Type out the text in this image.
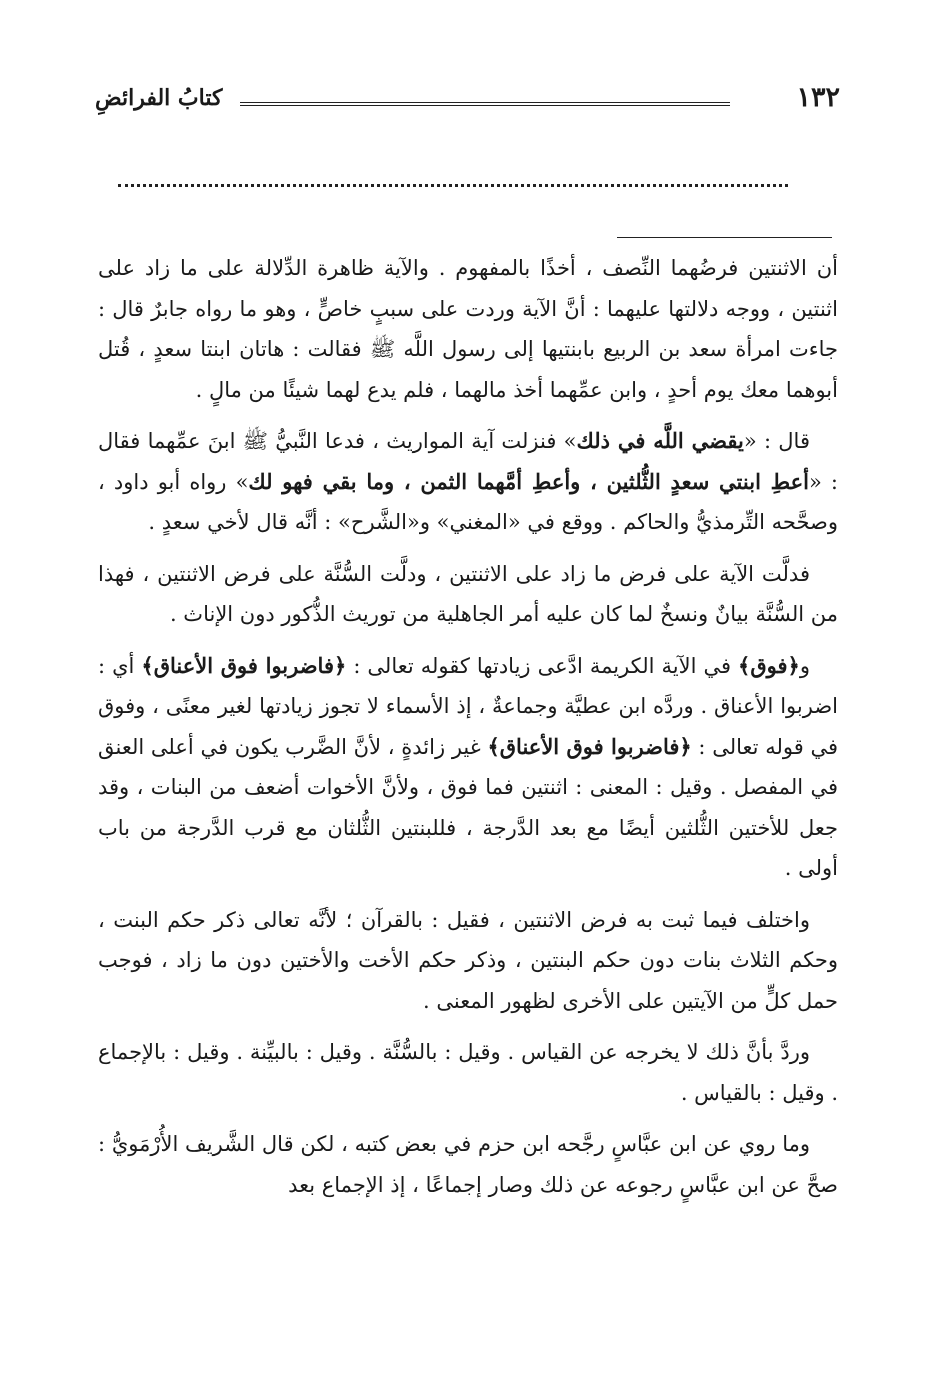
١٣٢
كتابُ الفرائضِ

أن الاثنتين فرضُهما النِّصف ، أخذًا بالمفهوم . والآية ظاهرة الدِّلالة على ما زاد على اثنتين ، ووجه دلالتها عليهما : أنَّ الآية وردت على سببٍ خاصٍّ ، وهو ما رواه جابرٌ قال : جاءت امرأة سعد بن الربيع بابنتيها إلى رسول اللَّه ﷺ فقالت : هاتان ابنتا سعدٍ ، قُتل أبوهما معك يوم أحدٍ ، وابن عمِّهما أخذ مالهما ، فلم يدع لهما شيئًا من مالٍ .

قال : «يقضي اللَّه في ذلك» فنزلت آية المواريث ، فدعا النَّبيُّ ﷺ ابنَ عمِّهما فقال : «أعطِ ابنتي سعدٍ الثُّلثين ، وأعطِ أمَّهما الثمن ، وما بقي فهو لك» رواه أبو داود ، وصحَّحه التِّرمذيُّ والحاكم . ووقع في «المغني» و«الشَّرح» : أنَّه قال لأخي سعدٍ .

فدلَّت الآية على فرض ما زاد على الاثنتين ، ودلَّت السُّنَّة على فرض الاثنتين ، فهذا من السُّنَّة بيانٌ ونسخٌ لما كان عليه أمر الجاهلية من توريث الذُّكور دون الإناث .

و﴿فوق﴾ في الآية الكريمة ادَّعى زيادتها كقوله تعالى : ﴿فاضربوا فوق الأعناق﴾ أي : اضربوا الأعناق . وردَّه ابن عطيَّة وجماعةٌ ، إذ الأسماء لا تجوز زيادتها لغير معنًى ، وفوق في قوله تعالى : ﴿فاضربوا فوق الأعناق﴾ غير زائدةٍ ، لأنَّ الضَّرب يكون في أعلى العنق في المفصل . وقيل : المعنى : اثنتين فما فوق ، ولأنَّ الأخوات أضعف من البنات ، وقد جعل للأختين الثُّلثين أيضًا مع بعد الدَّرجة ، فللبنتين الثُّلثان مع قرب الدَّرجة من باب أولى .

واختلف فيما ثبت به فرض الاثنتين ، فقيل : بالقرآن ؛ لأنَّه تعالى ذكر حكم البنت ، وحكم الثلاث بنات دون حكم البنتين ، وذكر حكم الأخت والأختين دون ما زاد ، فوجب حمل كلٍّ من الآيتين على الأخرى لظهور المعنى .

وردَّ بأنَّ ذلك لا يخرجه عن القياس . وقيل : بالسُّنَّة . وقيل : بالبيِّنة . وقيل : بالإجماع . وقيل : بالقياس .

وما روي عن ابن عبَّاسٍ رجَّحه ابن حزم في بعض كتبه ، لكن قال الشَّريف الأُرْمَويُّ : صحَّ عن ابن عبَّاسٍ رجوعه عن ذلك وصار إجماعًا ، إذ الإجماع بعد
